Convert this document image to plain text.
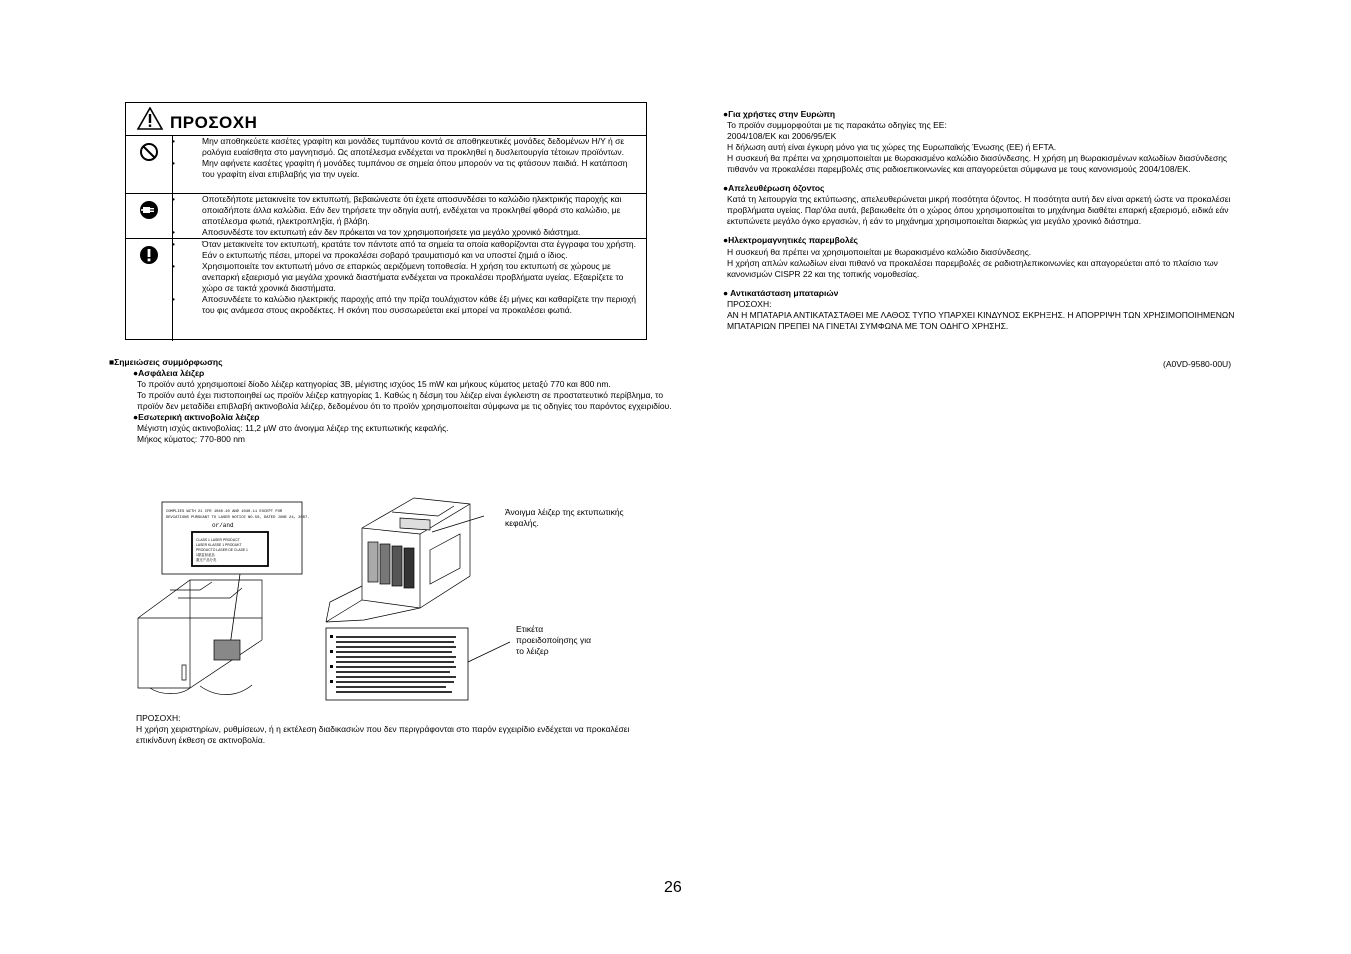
ΠΡΟΣΟΧΗ
• Μην αποθηκεύετε κασέτες γραφίτη και μονάδες τυμπάνου κοντά σε αποθηκευτικές μονάδες δεδομένων Η/Υ ή σε ρολόγια ευαίσθητα στο μαγνητισμό. Ως αποτέλεσμα ενδέχεται να προκληθεί η δυσλειτουργία τέτοιων προϊόντων.
• Μην αφήνετε κασέτες γραφίτη ή μονάδες τυμπάνου σε σημεία όπου μπορούν να τις φτάσουν παιδιά. Η κατάποση του γραφίτη είναι επιβλαβής για την υγεία.
• Οποτεδήποτε μετακινείτε τον εκτυπωτή, βεβαιώνεστε ότι έχετε αποσυνδέσει το καλώδιο ηλεκτρικής παροχής και οποιαδήποτε άλλα καλώδια. Εάν δεν τηρήσετε την οδηγία αυτή, ενδέχεται να προκληθεί φθορά στο καλώδιο, με αποτέλεσμα φωτιά, ηλεκτροπληξία, ή βλάβη.
• Αποσυνδέστε τον εκτυπωτή εάν δεν πρόκειται να τον χρησιμοποιήσετε για μεγάλο χρονικό διάστημα.
• Όταν μετακινείτε τον εκτυπωτή, κρατάτε τον πάντοτε από τα σημεία τα οποία καθορίζονται στα έγγραφα του χρήστη. Εάν ο εκτυπωτής πέσει, μπορεί να προκαλέσει σοβαρό τραυματισμό και να υποστεί ζημιά ο ίδιος.
• Χρησιμοποιείτε τον εκτυπωτή μόνο σε επαρκώς αεριζόμενη τοποθεσία. Η χρήση του εκτυπωτή σε χώρους με ανεπαρκή εξαερισμό για μεγάλα χρονικά διαστήματα ενδέχεται να προκαλέσει προβλήματα υγείας. Εξαερίζετε το χώρο σε τακτά χρονικά διαστήματα.
• Αποσυνδέετε το καλώδιο ηλεκτρικής παροχής από την πρίζα τουλάχιστον κάθε έξι μήνες και καθαρίζετε την περιοχή του φις ανάμεσα στους ακροδέκτες. Η σκόνη που συσσωρεύεται εκεί μπορεί να προκαλέσει φωτιά.
■Σημειώσεις συμμόρφωσης
●Ασφάλεια λέιζερ

Το προϊόν αυτό χρησιμοποιεί δίοδο λέιζερ κατηγορίας 3B, μέγιστης ισχύος 15 mW και μήκους κύματος μεταξύ 770 και 800 nm.

Το προϊόν αυτό έχει πιστοποιηθεί ως προϊόν λέιζερ κατηγορίας 1. Καθώς η δέσμη του λέιζερ είναι έγκλειστη σε προστατευτικό περίβλημα, το προϊόν δεν μεταδίδει επιβλαβή ακτινοβολία λέιζερ, δεδομένου ότι το προϊόν χρησιμοποιείται σύμφωνα με τις οδηγίες του παρόντος εγχειριδίου.

●Εσωτερική ακτινοβολία λέιζερ

Μέγιστη ισχύς ακτινοβολίας: 11,2 μW στο άνοιγμα λέιζερ της εκτυπωτικής κεφαλής.

Μήκος κύματος: 770-800 nm

COMPLIES WITH 21 CFR 1040.10 AND 1040.11 EXCEPT FOR
DEVIATIONS PURSUANT TO LASER NOTICE NO.50, DATED JUNE 24, 2007.
or/and
CLASS 1 LASER PRODUCT
LASER KLASSE 1 PRODUKT
PRODUCTO LASER DE CLASE 1
1類雷射產品
激光产品分类
Άνοιγμα λέιζερ της εκτυπωτικής κεφαλής.
Ετικέτα προειδοποίησης για το λέιζερ
ΠΡΟΣΟΧΗ:
Η χρήση χειριστηρίων, ρυθμίσεων, ή η εκτέλεση διαδικασιών που δεν περιγράφονται στο παρόν εγχειρίδιο ενδέχεται να προκαλέσει επικίνδυνη έκθεση σε ακτινοβολία.
●Για χρήστες στην Ευρώπη
Το προϊόν συμμορφούται με τις παρακάτω οδηγίες της ΕΕ:
2004/108/ΕΚ και 2006/95/ΕΚ
Η δήλωση αυτή είναι έγκυρη μόνο για τις χώρες της Ευρωπαϊκής Ένωσης (ΕΕ) ή EFTA.
Η συσκευή θα πρέπει να χρησιμοποιείται με θωρακισμένο καλώδιο διασύνδεσης. Η χρήση μη θωρακισμένων καλωδίων διασύνδεσης πιθανόν να προκαλέσει παρεμβολές στις ραδιοεπικοινωνίες και απαγορεύεται σύμφωνα με τους κανονισμούς 2004/108/ΕΚ.
●Απελευθέρωση όζοντος
Κατά τη λειτουργία της εκτύπωσης, απελευθερώνεται μικρή ποσότητα όζοντος. Η ποσότητα αυτή δεν είναι αρκετή ώστε να προκαλέσει προβλήματα υγείας. Παρ'όλα αυτά, βεβαιωθείτε ότι ο χώρος όπου χρησιμοποιείται το μηχάνημα διαθέτει επαρκή εξαερισμό, ειδικά εάν εκτυπώνετε μεγάλο όγκο εργασιών, ή εάν το μηχάνημα χρησιμοποιείται διαρκώς για μεγάλο χρονικό διάστημα.
●Ηλεκτρομαγνητικές παρεμβολές
Η συσκευή θα πρέπει να χρησιμοποιείται με θωρακισμένο καλώδιο διασύνδεσης.
Η χρήση απλών καλωδίων είναι πιθανό να προκαλέσει παρεμβολές σε ραδιοτηλεπικοινωνίες και απαγορεύεται από το πλαίσιο των κανονισμών CISPR 22 και της τοπικής νομοθεσίας.
● Αντικατάσταση μπαταριών
ΠΡΟΣΟΧΗ:
ΑΝ Η ΜΠΑΤΑΡΙΑ ΑΝΤΙΚΑΤΑΣΤΑΘΕΙ ΜΕ ΛΑΘΟΣ ΤΥΠΟ ΥΠΑΡΧΕΙ ΚΙΝΔΥΝΟΣ ΕΚΡΗΞΗΣ. Η ΑΠΟΡΡΙΨΗ ΤΩΝ ΧΡΗΣΙΜΟΠΟΙΗΜΕΝΩΝ ΜΠΑΤΑΡΙΩΝ ΠΡΕΠΕΙ ΝΑ ΓΙΝΕΤΑΙ ΣΥΜΦΩΝΑ ΜΕ ΤΟΝ ΟΔΗΓΟ ΧΡΗΣΗΣ.
(A0VD-9580-00U)
26
